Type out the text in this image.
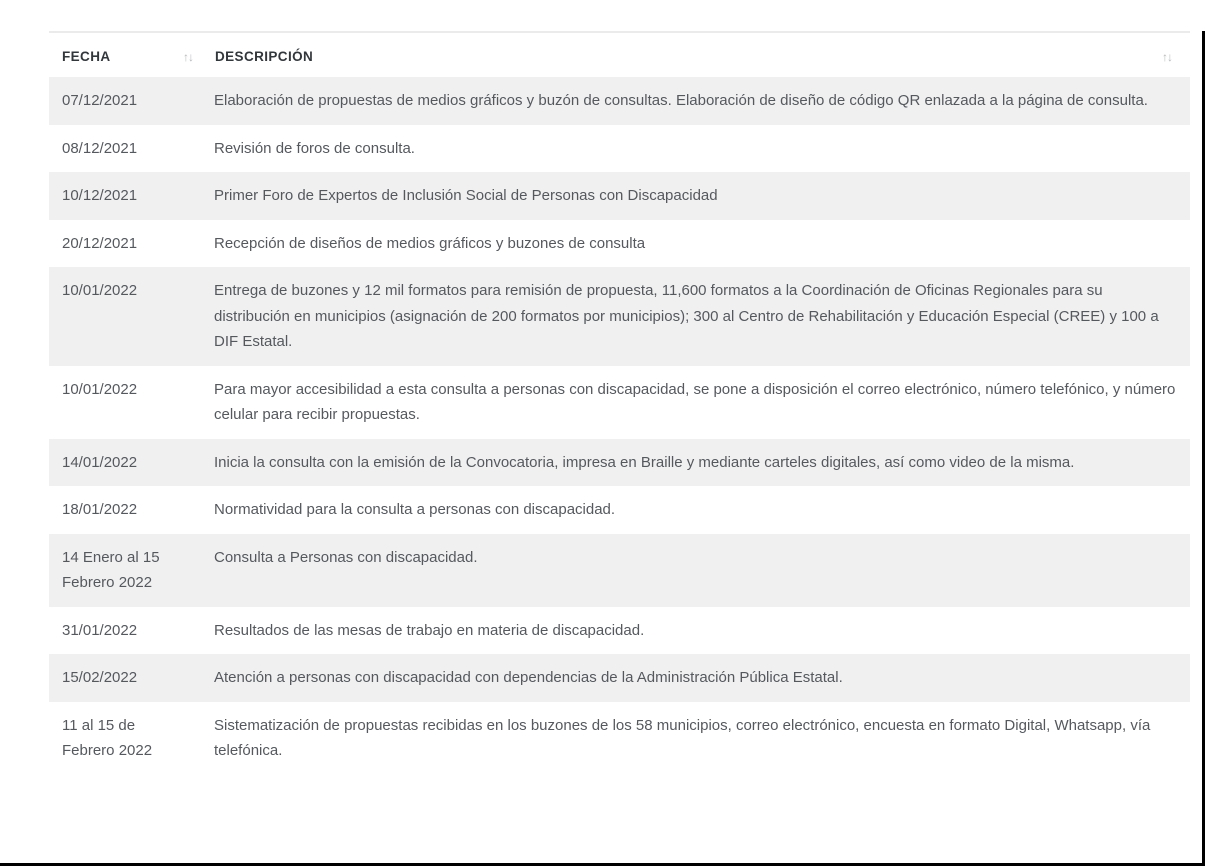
FECHA ↑↓	DESCRIPCIÓN ↑↓

07/12/2021	Elaboración de propuestas de medios gráficos y buzón de consultas. Elaboración de diseño de código QR enlazada a la página de consulta.
08/12/2021	Revisión de foros de consulta.
10/12/2021	Primer Foro de Expertos de Inclusión Social de Personas con Discapacidad
20/12/2021	Recepción de diseños de medios gráficos y buzones de consulta
10/01/2022	Entrega de buzones y 12 mil formatos para remisión de propuesta, 11,600 formatos a la Coordinación de Oficinas Regionales para su distribución en municipios (asignación de 200 formatos por municipios); 300 al Centro de Rehabilitación y Educación Especial (CREE) y 100 a DIF Estatal.
10/01/2022	Para mayor accesibilidad a esta consulta a personas con discapacidad, se pone a disposición el correo electrónico, número telefónico, y número celular para recibir propuestas.
14/01/2022	Inicia la consulta con la emisión de la Convocatoria, impresa en Braille y mediante carteles digitales, así como video de la misma.
18/01/2022	Normatividad para la consulta a personas con discapacidad.
14 Enero al 15 Febrero 2022	Consulta a Personas con discapacidad.
31/01/2022	Resultados de las mesas de trabajo en materia de discapacidad.
15/02/2022	Atención a personas con discapacidad con dependencias de la Administración Pública Estatal.
11 al 15 de Febrero 2022	Sistematización de propuestas recibidas en los buzones de los 58 municipios, correo electrónico, encuesta en formato Digital, Whatsapp, vía telefónica.
